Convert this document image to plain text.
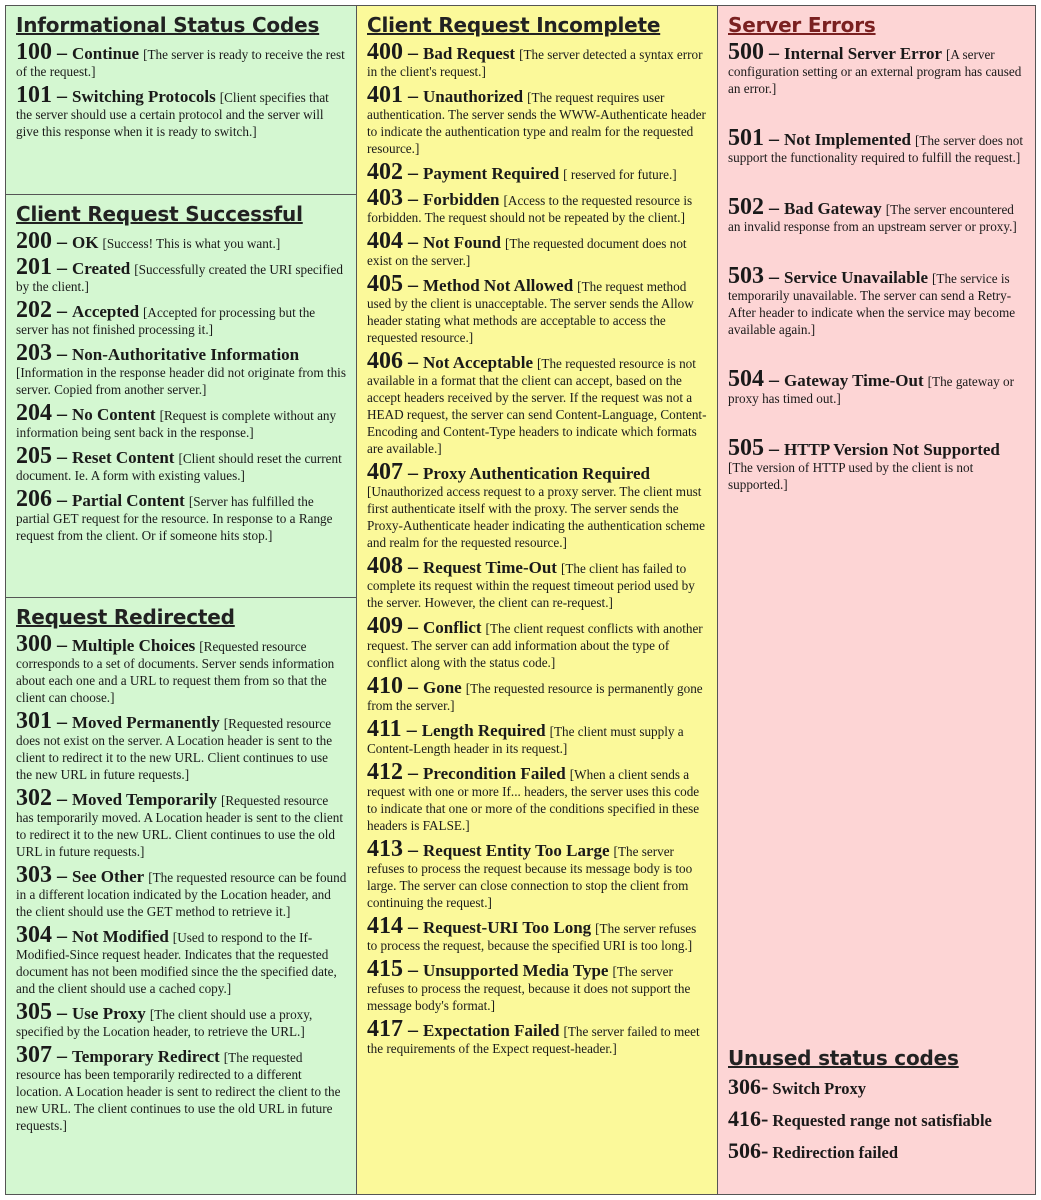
Informational Status Codes
100 – Continue [The server is ready to receive the rest of the request.]
101 – Switching Protocols [Client specifies that the server should use a certain protocol and the server will give this response when it is ready to switch.]
Client Request Successful
200 – OK [Success! This is what you want.]
201 – Created [Successfully created the URI specified by the client.]
202 – Accepted [Accepted for processing but the server has not finished processing it.]
203 – Non-Authoritative Information [Information in the response header did not originate from this server. Copied from another server.]
204 – No Content [Request is complete without any information being sent back in the response.]
205 – Reset Content [Client should reset the current document. Ie. A form with existing values.]
206 – Partial Content [Server has fulfilled the partial GET request for the resource. In response to a Range request from the client. Or if someone hits stop.]
Request Redirected
300 – Multiple Choices [Requested resource corresponds to a set of documents. Server sends information about each one and a URL to request them from so that the client can choose.]
301 – Moved Permanently [Requested resource does not exist on the server. A Location header is sent to the client to redirect it to the new URL. Client continues to use the new URL in future requests.]
302 – Moved Temporarily [Requested resource has temporarily moved. A Location header is sent to the client to redirect it to the new URL. Client continues to use the old URL in future requests.]
303 – See Other [The requested resource can be found in a different location indicated by the Location header, and the client should use the GET method to retrieve it.]
304 – Not Modified [Used to respond to the If-Modified-Since request header. Indicates that the requested document has not been modified since the the specified date, and the client should use a cached copy.]
305 – Use Proxy [The client should use a proxy, specified by the Location header, to retrieve the URL.]
307 – Temporary Redirect [The requested resource has been temporarily redirected to a different location. A Location header is sent to redirect the client to the new URL. The client continues to use the old URL in future requests.]
Client Request Incomplete
400 – Bad Request [The server detected a syntax error in the client's request.]
401 – Unauthorized [The request requires user authentication. The server sends the WWW-Authenticate header to indicate the authentication type and realm for the requested resource.]
402 – Payment Required [ reserved for future.]
403 – Forbidden [Access to the requested resource is forbidden. The request should not be repeated by the client.]
404 – Not Found [The requested document does not exist on the server.]
405 – Method Not Allowed [The request method used by the client is unacceptable. The server sends the Allow header stating what methods are acceptable to access the requested resource.]
406 – Not Acceptable [The requested resource is not available in a format that the client can accept, based on the accept headers received by the server. If the request was not a HEAD request, the server can send Content-Language, Content-Encoding and Content-Type headers to indicate which formats are available.]
407 – Proxy Authentication Required [Unauthorized access request to a proxy server. The client must first authenticate itself with the proxy. The server sends the Proxy-Authenticate header indicating the authentication scheme and realm for the requested resource.]
408 – Request Time-Out [The client has failed to complete its request within the request timeout period used by the server. However, the client can re-request.]
409 – Conflict [The client request conflicts with another request. The server can add information about the type of conflict along with the status code.]
410 – Gone [The requested resource is permanently gone from the server.]
411 – Length Required [The client must supply a Content-Length header in its request.]
412 – Precondition Failed [When a client sends a request with one or more If... headers, the server uses this code to indicate that one or more of the conditions specified in these headers is FALSE.]
413 – Request Entity Too Large [The server refuses to process the request because its message body is too large. The server can close connection to stop the client from continuing the request.]
414 – Request-URI Too Long [The server refuses to process the request, because the specified URI is too long.]
415 – Unsupported Media Type [The server refuses to process the request, because it does not support the message body's format.]
417 – Expectation Failed [The server failed to meet the requirements of the Expect request-header.]
Server Errors
500 – Internal Server Error [A server configuration setting or an external program has caused an error.]
501 – Not Implemented [The server does not support the functionality required to fulfill the request.]
502 – Bad Gateway [The server encountered an invalid response from an upstream server or proxy.]
503 – Service Unavailable [The service is temporarily unavailable. The server can send a Retry-After header to indicate when the service may become available again.]
504 – Gateway Time-Out [The gateway or proxy has timed out.]
505 – HTTP Version Not Supported [The version of HTTP used by the client is not supported.]
Unused status codes
306- Switch Proxy
416- Requested range not satisfiable
506- Redirection failed
